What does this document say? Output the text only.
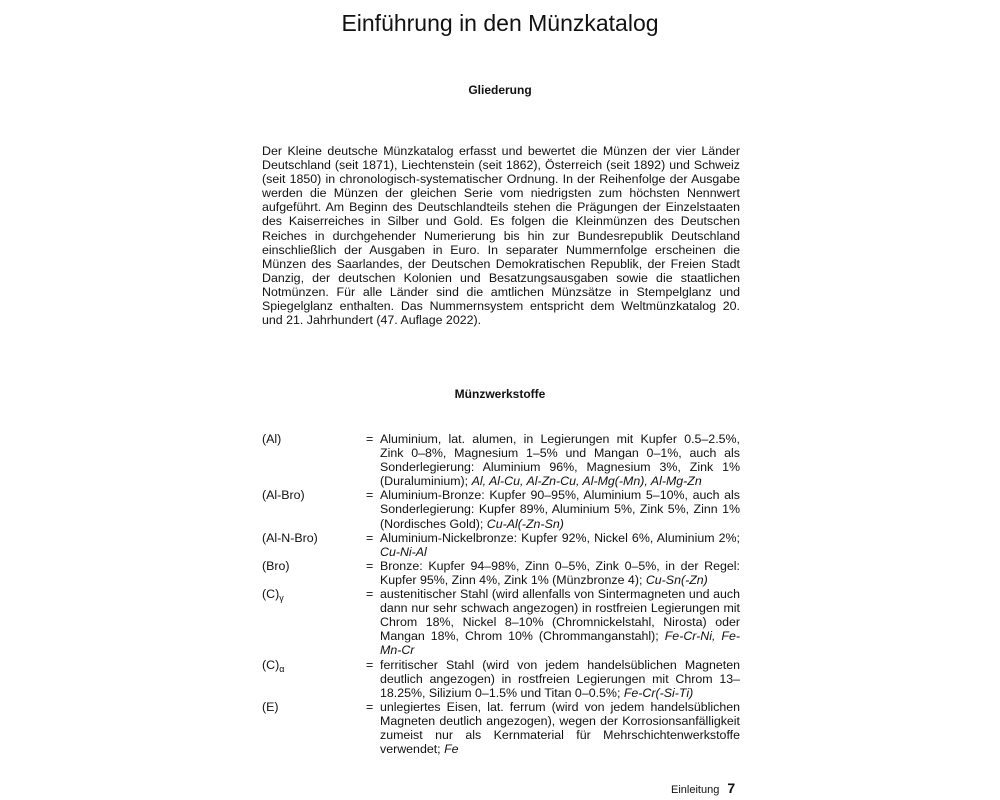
Einführung in den Münzkatalog
Gliederung

Der Kleine deutsche Münzkatalog erfasst und bewertet die Münzen der vier Länder Deutschland (seit 1871), Liechtenstein (seit 1862), Österreich (seit 1892) und Schweiz (seit 1850) in chronologisch-systematischer Ordnung. In der Reihenfolge der Ausgabe werden die Münzen der gleichen Serie vom niedrigsten zum höchsten Nennwert aufgeführt. Am Beginn des Deutschlandteils stehen die Prägungen der Einzelstaaten des Kaiserreiches in Silber und Gold. Es folgen die Kleinmünzen des Deutschen Reiches in durchgehender Numerierung bis hin zur Bundesrepublik Deutschland einschließlich der Ausgaben in Euro. In separater Nummernfolge erscheinen die Münzen des Saarlandes, der Deutschen Demokratischen Republik, der Freien Stadt Danzig, der deutschen Kolonien und Besatzungsausgaben sowie die staatlichen Notmünzen. Für alle Länder sind die amtlichen Münzsätze in Stempelglanz und Spiegelglanz enthalten. Das Nummernsystem entspricht dem Weltmünzkatalog 20. und 21. Jahrhundert (47. Auflage 2022).

Münzwerkstoffe
(Al)	= Aluminium, lat. alumen, in Legierungen mit Kupfer 0.5–2.5%, Zink 0–8%, Magnesium 1–5% und Mangan 0–1%, auch als Sonderlegierung: Aluminium 96%, Magnesium 3%, Zink 1% (Duraluminium); Al, Al-Cu, Al-Zn-Cu, Al-Mg(-Mn), Al-Mg-Zn
(Al-Bro)	= Aluminium-Bronze: Kupfer 90–95%, Aluminium 5–10%, auch als Sonderlegierung: Kupfer 89%, Aluminium 5%, Zink 5%, Zinn 1% (Nordisches Gold); Cu-Al(-Zn-Sn)
(Al-N-Bro)	= Aluminium-Nickelbronze: Kupfer 92%, Nickel 6%, Aluminium 2%; Cu-Ni-Al
(Bro)	= Bronze: Kupfer 94–98%, Zinn 0–5%, Zink 0–5%, in der Regel: Kupfer 95%, Zinn 4%, Zink 1% (Münzbronze 4); Cu-Sn(-Zn)
$(C)_\gamma$	= austenitischer Stahl (wird allenfalls von Sintermagneten und auch dann nur sehr schwach angezogen) in rostfreien Legierungen mit Chrom 18%, Nickel 8–10% (Chromnickelstahl, Nirosta) oder Mangan 18%, Chrom 10% (Chrommanganstahl); Fe-Cr-Ni, Fe-Mn-Cr
$(C)_\alpha$	= ferritischer Stahl (wird von jedem handelsüblichen Magneten deutlich angezogen) in rostfreien Legierungen mit Chrom 13–18.25%, Silizium 0–1.5% und Titan 0–0.5%; Fe-Cr(-Si-Ti)
(E)	= unlegiertes Eisen, lat. ferrum (wird von jedem handelsüblichen Magneten deutlich angezogen), wegen der Korrosionsanfälligkeit zumeist nur als Kernmaterial für Mehrschichtenwerkstoffe verwendet; Fe
Einleitung 7
